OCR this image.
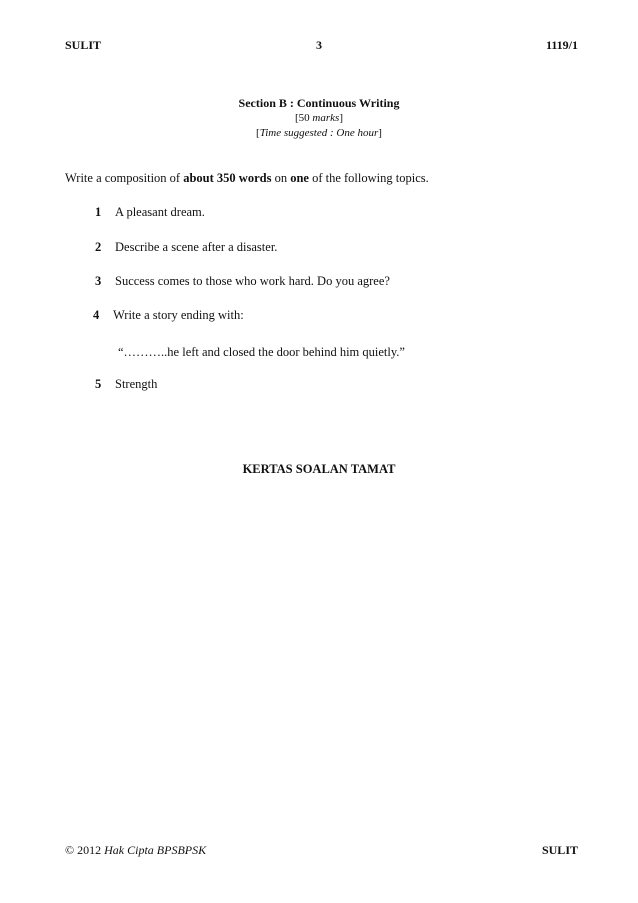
SULIT	3	1119/1
Section B : Continuous Writing
[50 marks]
[Time suggested : One hour]
Write a composition of about 350 words on one of the following topics.
1 A pleasant dream.
2 Describe a scene after a disaster.
3 Success comes to those who work hard. Do you agree?
4 Write a story ending with:
“………..he left and closed the door behind him quietly.”
5 Strength
KERTAS SOALAN TAMAT
© 2012 Hak Cipta BPSBPSK	SULIT
